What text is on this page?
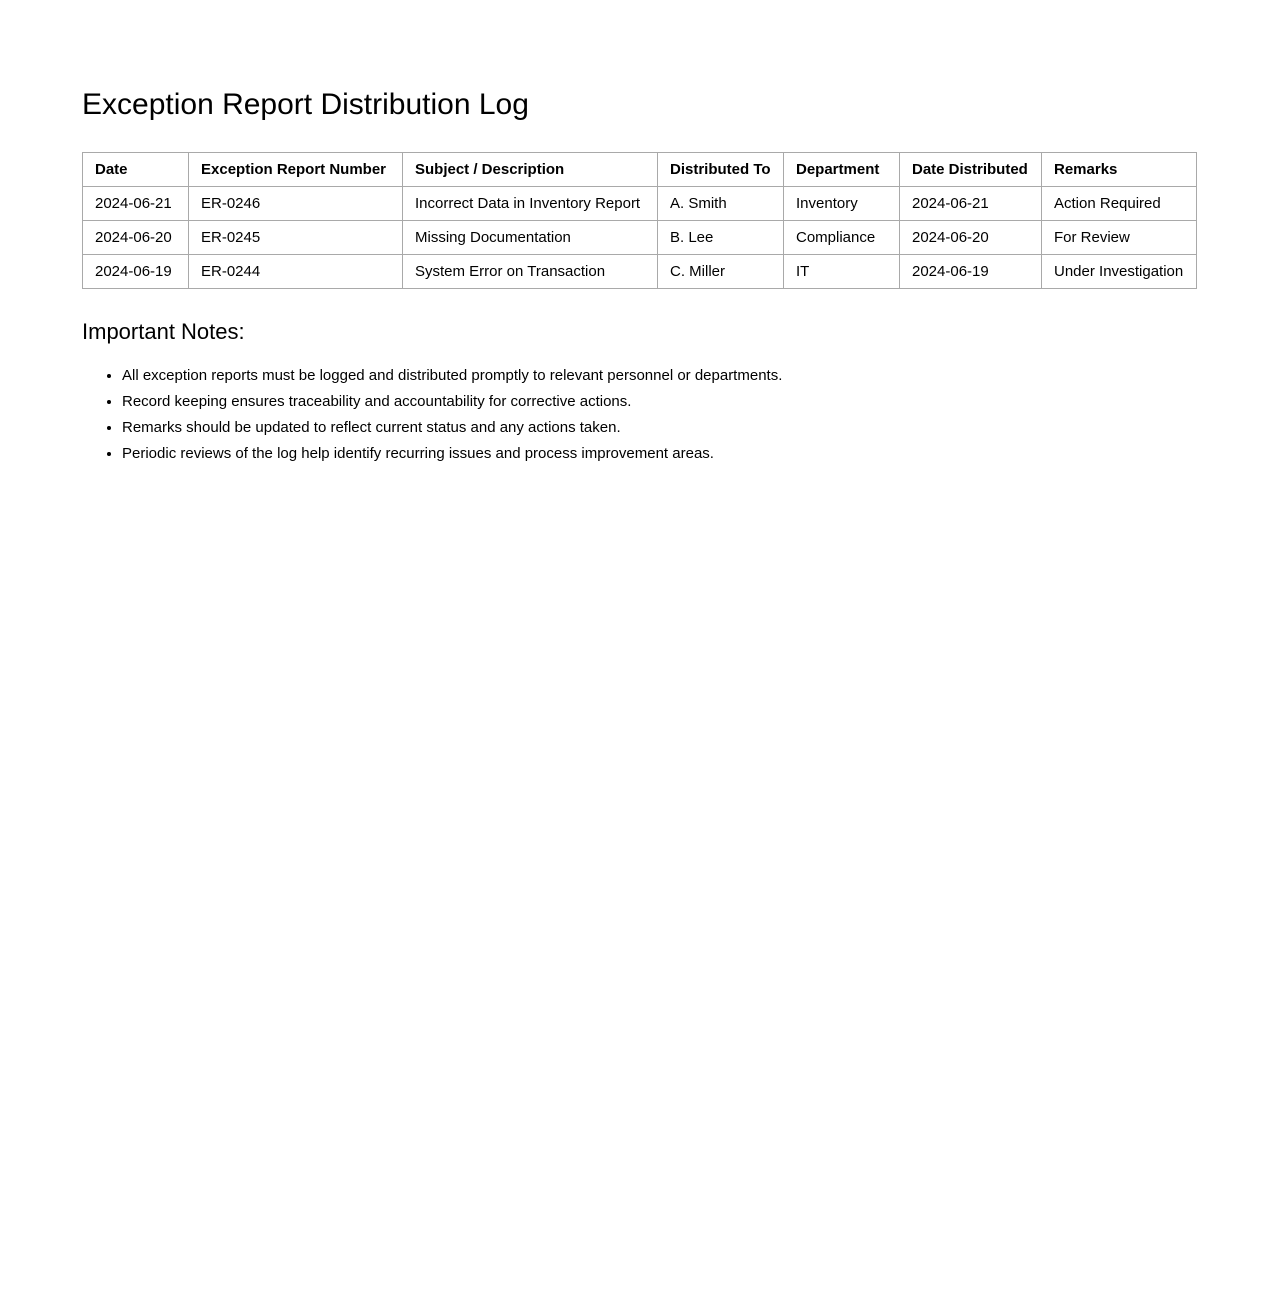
Exception Report Distribution Log
Date	Exception Report Number	Subject / Description	Distributed To	Department	Date Distributed	Remarks
2024-06-21	ER-0246	Incorrect Data in Inventory Report	A. Smith	Inventory	2024-06-21	Action Required
2024-06-20	ER-0245	Missing Documentation	B. Lee	Compliance	2024-06-20	For Review
2024-06-19	ER-0244	System Error on Transaction	C. Miller	IT	2024-06-19	Under Investigation
Important Notes:
• All exception reports must be logged and distributed promptly to relevant personnel or departments.
• Record keeping ensures traceability and accountability for corrective actions.
• Remarks should be updated to reflect current status and any actions taken.
• Periodic reviews of the log help identify recurring issues and process improvement areas.
